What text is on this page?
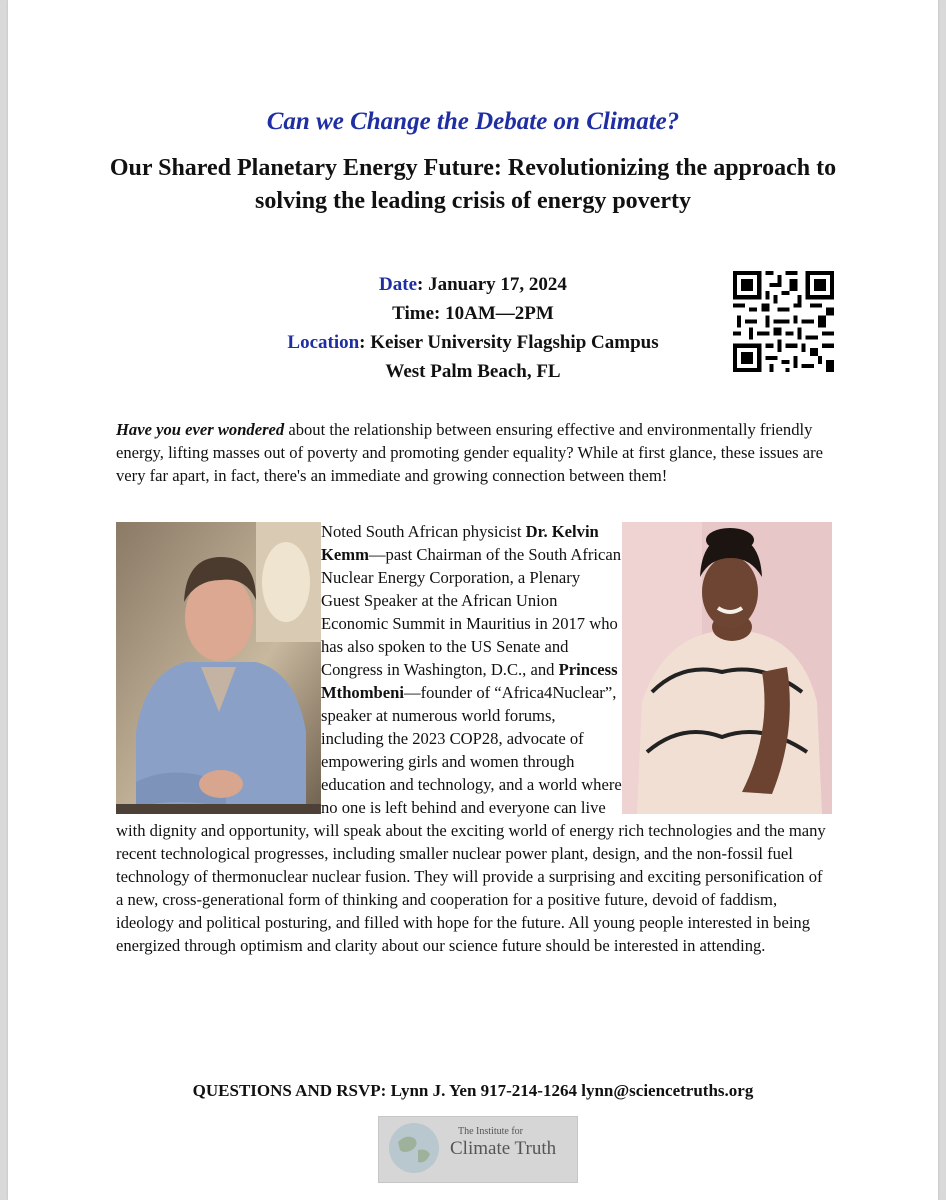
Can we Change the Debate on Climate?
Our Shared Planetary Energy Future: Revolutionizing the approach to solving the leading crisis of energy poverty
Date: January 17, 2024
Time: 10AM—2PM
Location: Keiser University Flagship Campus
West Palm Beach, FL
Have you ever wondered about the relationship between ensuring effective and environmentally friendly energy, lifting masses out of poverty and promoting gender equality? While at first glance, these issues are very far apart, in fact, there's an immediate and growing connection between them!
Noted South African physicist Dr. Kelvin Kemm—past Chairman of the South African Nuclear Energy Corporation, a Plenary Guest Speaker at the African Union Economic Summit in Mauritius in 2017 who has also spoken to the US Senate and Congress in Washington, D.C., and Princess Mthombeni—founder of “Africa4Nuclear”, speaker at numerous world forums, including the 2023 COP28, advocate of empowering girls and women through education and technology, and a world where no one is left behind and everyone can live with dignity and opportunity, will speak about the exciting world of energy rich technologies and the many recent technological progresses, including smaller nuclear power plant, design, and the non-fossil fuel technology of thermonuclear nuclear fusion. They will provide a surprising and exciting personification of a new, cross-generational form of thinking and cooperation for a positive future, devoid of faddism, ideology and political posturing, and filled with hope for the future. All young people interested in being energized through optimism and clarity about our science future should be interested in attending.
QUESTIONS AND RSVP: Lynn J. Yen 917-214-1264 lynn@sciencetruths.org
The Institute for
Climate Truth
